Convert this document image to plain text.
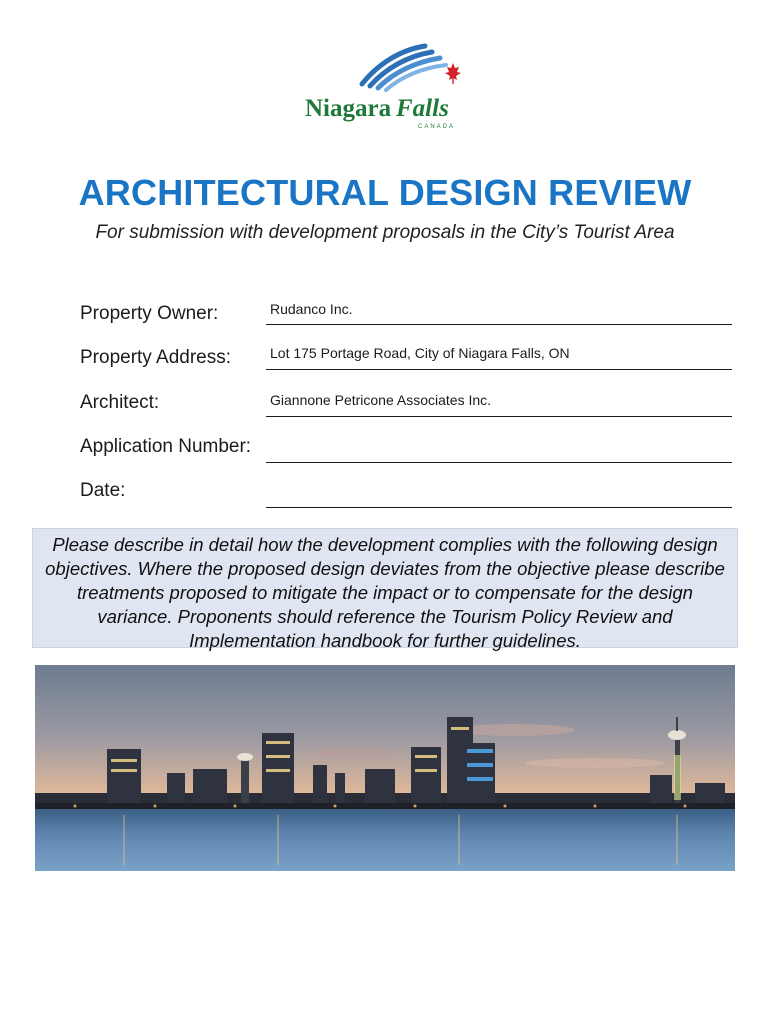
Niagara Falls
CANADA
ARCHITECTURAL DESIGN REVIEW
For submission with development proposals in the City’s Tourist Area
Property Owner:	Rudanco Inc.
Property Address:	Lot 175 Portage Road, City of Niagara Falls, ON
Architect:	Giannone Petricone Associates Inc.
Application Number:
Date:
Please describe in detail how the development complies with the following design objectives. Where the proposed design deviates from the objective please describe treatments proposed to mitigate the impact or to compensate for the design variance. Proponents should reference the Tourism Policy Review and Implementation handbook for further guidelines.
